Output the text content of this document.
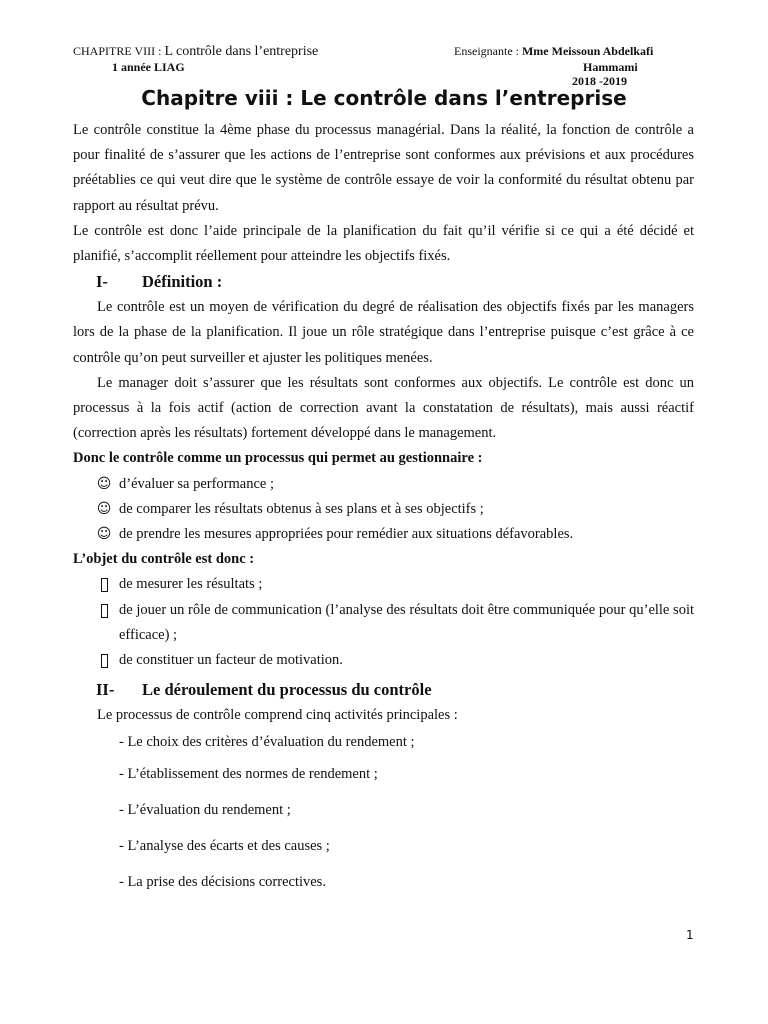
CHAPITRE VIII : L contrôle dans l’entreprise
1 année LIAG
Enseignante : Mme Meissoun Abdelkafi
Hammami
2018 -2019
Chapitre viii : Le contrôle dans l’entreprise

Le contrôle constitue la 4ème phase du processus managérial. Dans la réalité, la fonction de contrôle a pour finalité de s’assurer que les actions de l’entreprise sont conformes aux prévisions et aux procédures préétablies ce qui veut dire que le système de contrôle essaye de voir la conformité du résultat obtenu par rapport au résultat prévu.

Le contrôle est donc l’aide principale de la planification du fait qu’il vérifie si ce qui a été décidé et planifié, s’accomplit réellement pour atteindre les objectifs fixés.

I-	Définition :

Le contrôle est un moyen de vérification du degré de réalisation des objectifs fixés par les managers lors de la phase de la planification. Il joue un rôle stratégique dans l’entreprise puisque c’est grâce à ce contrôle qu’on peut surveiller et ajuster les politiques menées.

Le manager doit s’assurer que les résultats sont conformes aux objectifs. Le contrôle est donc un processus à la fois actif (action de correction avant la constatation de résultats), mais aussi réactif (correction après les résultats) fortement développé dans le management.

Donc le contrôle comme un processus qui permet au gestionnaire :

☺ d’évaluer sa performance ;
☺ de comparer les résultats obtenus à ses plans et à ses objectifs ;
☺ de prendre les mesures appropriées pour remédier aux situations défavorables.

L’objet du contrôle est donc :

de mesurer les résultats ;
de jouer un rôle de communication (l’analyse des résultats doit être communiquée pour qu’elle soit efficace) ;
de constituer un facteur de motivation.
II-	Le déroulement du processus du contrôle

Le processus de contrôle comprend cinq activités principales :

- Le choix des critères d’évaluation du rendement ;
- L’établissement des normes de rendement ;
- L’évaluation du rendement ;
- L’analyse des écarts et des causes ;
- La prise des décisions correctives.
1
